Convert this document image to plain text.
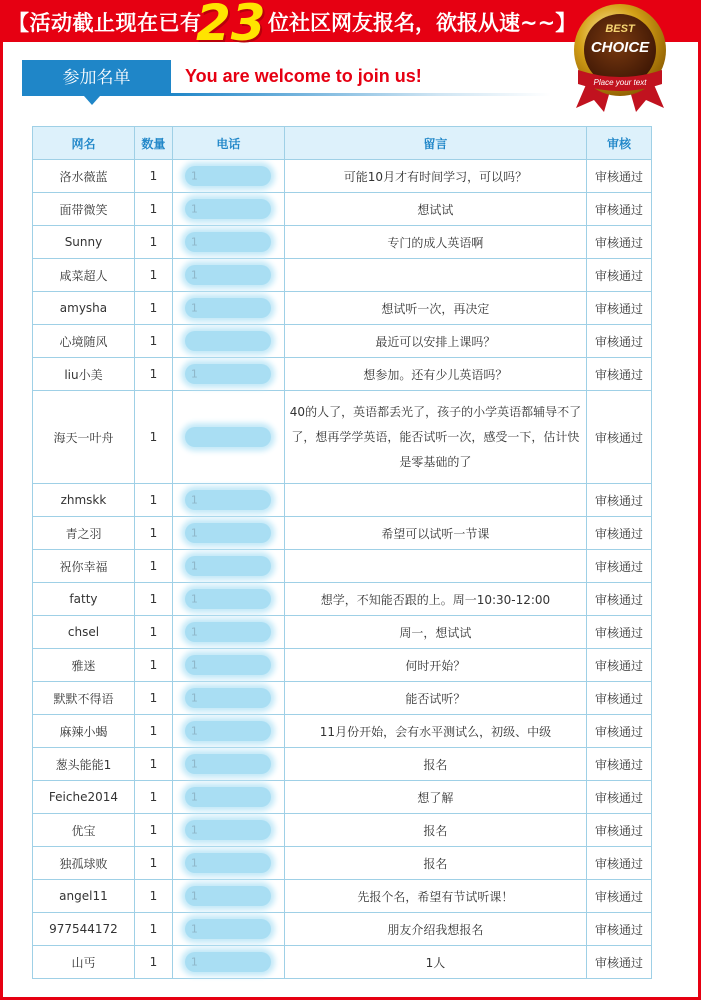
【活动截止现在已有
23 位社区网友报名，欲报从速~~】	BEST
CHOICE
Place your text
参加名单	You are welcome to join us!
网名	数量	电话	留言	审核
洛水薇蓝	1	1	可能10月才有时间学习，可以吗？	审核通过
面带微笑	1	1	想试试	审核通过
Sunny	1	1	专门的成人英语啊	审核通过
咸菜超人	1	1		审核通过
amysha	1	1	想试听一次，再决定	审核通过
心境随风	1		最近可以安排上课吗？	审核通过
liu小美	1	1	想参加。还有少儿英语吗？	审核通过
海天一叶舟	1		40的人了，英语都丢光了，孩子的小学英语都辅导不了了，想再学学英语，能否试听一次，感受一下，估计快是零基础的了	审核通过
zhmskk	1	1		审核通过
青之羽	1	1	希望可以试听一节课	审核通过
祝你幸福	1	1		审核通过
fatty	1	1	想学，不知能否跟的上。周一10:30-12:00	审核通过
chsel	1	1	周一，想试试	审核通过
雅迷	1	1	何时开始？	审核通过
默默不得语	1	1	能否试听？	审核通过
麻辣小蝎	1	1	11月份开始，会有水平测试么，初级、中级	审核通过
葱头能能1	1	1	报名	审核通过
Feiche2014	1	1	想了解	审核通过
优宝	1	1	报名	审核通过
独孤球败	1	1	报名	审核通过
angel11	1	1	先报个名，希望有节试听课！	审核通过
977544172	1	1	朋友介绍我想报名	审核通过
山丐	1	1	1人	审核通过
